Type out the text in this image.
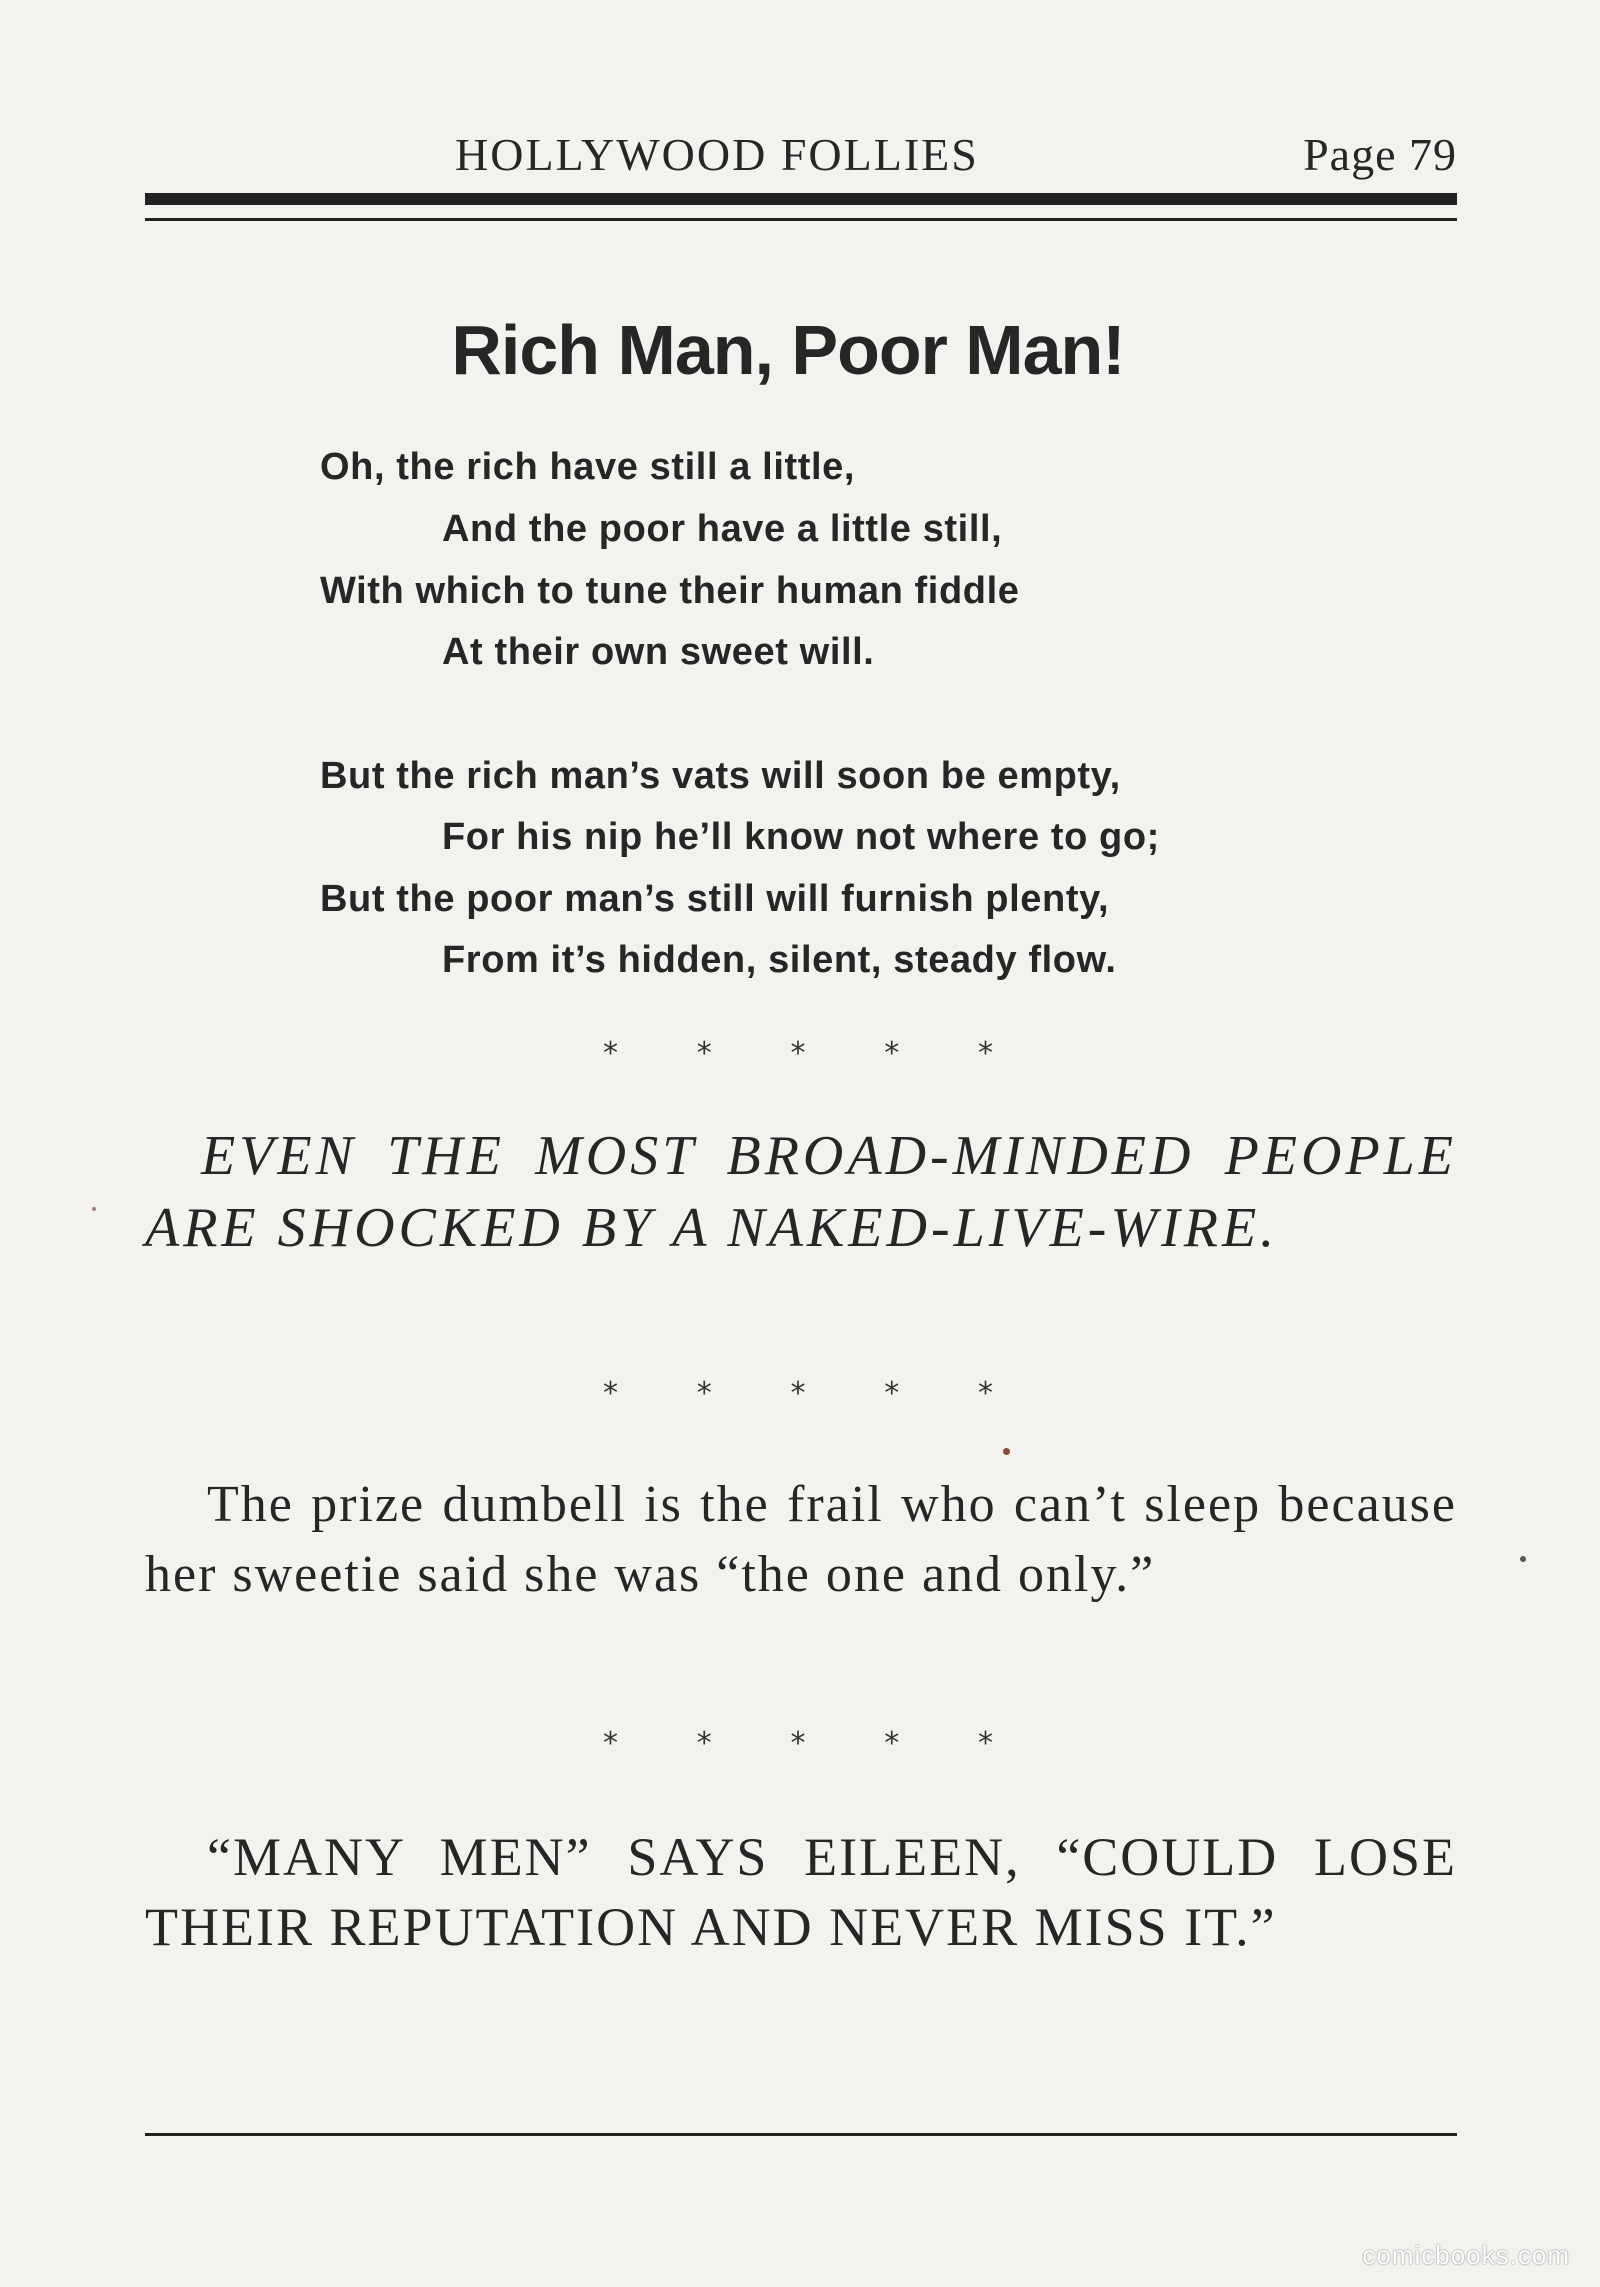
HOLLYWOOD FOLLIES	Page 79
Rich Man, Poor Man!
Oh, the rich have still a little,
And the poor have a little still,
With which to tune their human fiddle
At their own sweet will.
But the rich man’s vats will soon be empty,
For his nip he’ll know not where to go;
But the poor man’s still will furnish plenty,
From it’s hidden, silent, steady flow.
*	*	*	*	*
EVEN THE MOST BROAD-MINDED PEOPLE ARE SHOCKED BY A NAKED-LIVE-WIRE.
*	*	*	*	*
The prize dumbell is the frail who can’t sleep because her sweetie said she was “the one and only.”
*	*	*	*	*
“MANY MEN” SAYS EILEEN, “COULD LOSE THEIR REPUTATION AND NEVER MISS IT.”
comicbooks.com
